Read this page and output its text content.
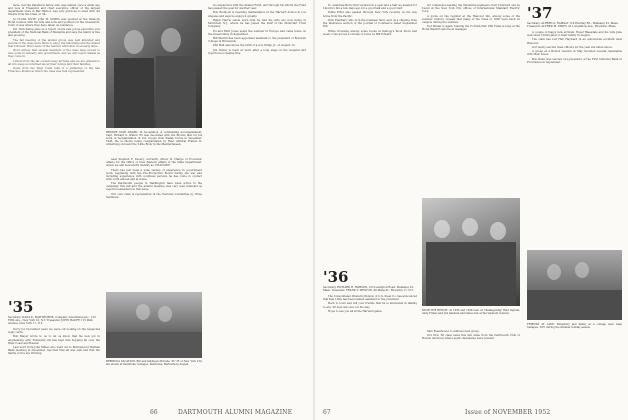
tacle, but the Pinehurst fellow who was named once a while ago and now is Treasurer and chief executive officer of the largest department store in Bar Harbor, was very gracious to meet with old friends from the Class of '34.

Ju CLASS NOTE: John W. Griffith was spotted at the Peabody Hotel reunion with his wife and sons and pointed out the Greenwich, Conn. house where they have taken up residence.

Pvt. Dick Kemp gave us a report on his new job as executive vice president of the National Bank of Memphis and says the family is fine and growing.

The fall meeting of the alumni group was well attended and several of the class were there to enjoy the fellowship and the dinner that followed. More news of the reunion will follow in an early issue.

Word arrives that several members of the class have moved to new posts in industry and government, and we will report details as they come in.

Letters from the far corners keep arriving and we are grateful to all who keep us informed about their doings and their families.

News from the West Coast tells of a gathering of the San Francisco alumni at which the class was well represented.

'35
Secretary, DANA K. HAWTHORNE, Company Advertising Inc., 125 Fifth Ave., New York 10, N.Y. Treasurer, JOHN HAUFF, 115 Park Avenue, New York 17, N.Y.

Sorry for November news we were out looking on the neglected reply cards.

Bob Mayer wrote to us to let us know that his new job in engineering with Tidewater Oil has kept him hopping all over the West Coast and Hawaii.

Last word from John Miller, who went out to Bermuda for Harlem Bank meeting in December, reported that all was well and that the family of five are thriving.

BRONZE STAR AWARD: In recognition of outstanding accomplishment, Capt. Richard S. Wilson '35 was decorated with the Bronze Star for his work of reorganization of U.S. troops from Italian forces in December, 1943. He is shown being congratulated by Rear Admiral Francis D. Armstrong on board the 'Little Rock' in the Mediterranean.

near Stephen F. Devery, currently officer in Charge of Economic Affairs for the Office of New Eastern Affairs of the State Department, which we will henceforth identify as 'CHANGED'.

There has just been a wide variety of experience in government work, beginning with the Pre-Production Board during the war and including experience with countless persons he has come in contact with, both abroad and at home.

The Dartmouth people in Washington have been active in the campaign this fall and the alumni meeting was very well attended as reported elsewhere in this issue.

Our own class is represented in the National Committee by three members.

BERMUDA VACATION: Bill and Kathleen McCabe '35 '35 of New York City are shown at Pembroke Cottages, Pembroke, Bermuda in August.

in conjunction with the Alumni Fund, and through his efforts the Fund has passed the goal for another year.

Bob Ruddock is teaching mathematics at the Harvard School in Los Angeles and says he enjoys it greatly.

Ralph Harris sends word that he and his wife are now living in Montclair, N.J., where he has joined the staff of the Montclair Trust Company.

Ed and Ruth Jones spent the summer in Europe and came home on the Queen Mary in September.

Bill Merrill has been appointed assistant to the president of Bowdoin College in Brunswick.

Phil Hall announces the birth of a son, Philip Jr., on August 12.

Jim Denny is back at work after a long siege in the hospital and reports he is feeling fine.

66	DARTMOUTH ALUMNI MAGAZINE

To celebrate Bob's first vacation in a year and a half we headed for Lincoln's Inn a few days ago for a good talk and a good visit.

Eddie Elliot also passed through New York recently on his way home from the Pacific.

Dick Eberhart, who is in the business field, sent us a clipping from the Insurance section of the Journal of Commerce dated September 8th.

While browsing among some books at Kellogg's Book Store last week, I ran across a volume of verse by Bill Edward.

'36
Secretary, RICHARD R. HOBSON, 125 Lexington Road, Wellesley 81, Mass. Treasurer, FRANK T. WESTON, 46 Plaza St., Brooklyn 17, N.Y.

The Consolidated Western Division of U.S. Steel Co. has announced that Ken Little has been named assistant to the president.

Buck to town and tell your friends that he is interested in talking to any '36 men who are out his way.

Hope to see you all at the Harvard game.

ter conference leading the industrial engineers. Earl Crawford can be found at the New York City offices of International Standard Electric Corp.

A quote on the register at the Hanover Inn, among some of the summer visitors, reveals that many of the Class of 1936 were back on campus during the summer.

Ted Winter is again running the Cornish Fair. Phil Fiske is busy at the Hotel Waldorf-Astoria as manager.

NEAR THE BENCH: At 1936 and 1938 men on Thanksgiving! Reid Ingram, Andy Fisher and Ted Sanders and Gates met at the Vermont reunion.

Sam Eisenhower to address next group.

Our first '36 class news this fall came from the Dartmouth Club of Boston luncheon where eight classmates were present.

'37
Secretary, ALFRED G. RAMSAY 114 Huntley Rd., Wellesley 81, Mass. Treasurer, ALFRED M. SWIFT, 41 Longfellow Ave., Brockton, Mass.

A couple of happy new arrivals: Roger Bleasdale and his wife Jane welcomed Christopher to their family in August.

The class has lost Hub Hayward in an automobile accident near Hanover.

Our newly elected class officers for the year are listed above.

A group at a Boston reunion in May included several classmates with their wives.

Bob Klein was elected vice-president of the First National Bank in Providence in September.

FRIENDS AT LAKE: Kingsbury and family at a cottage near Lake Sunapee, N.H. during the summer holiday season.
67	Issue of NOVEMBER 1952
